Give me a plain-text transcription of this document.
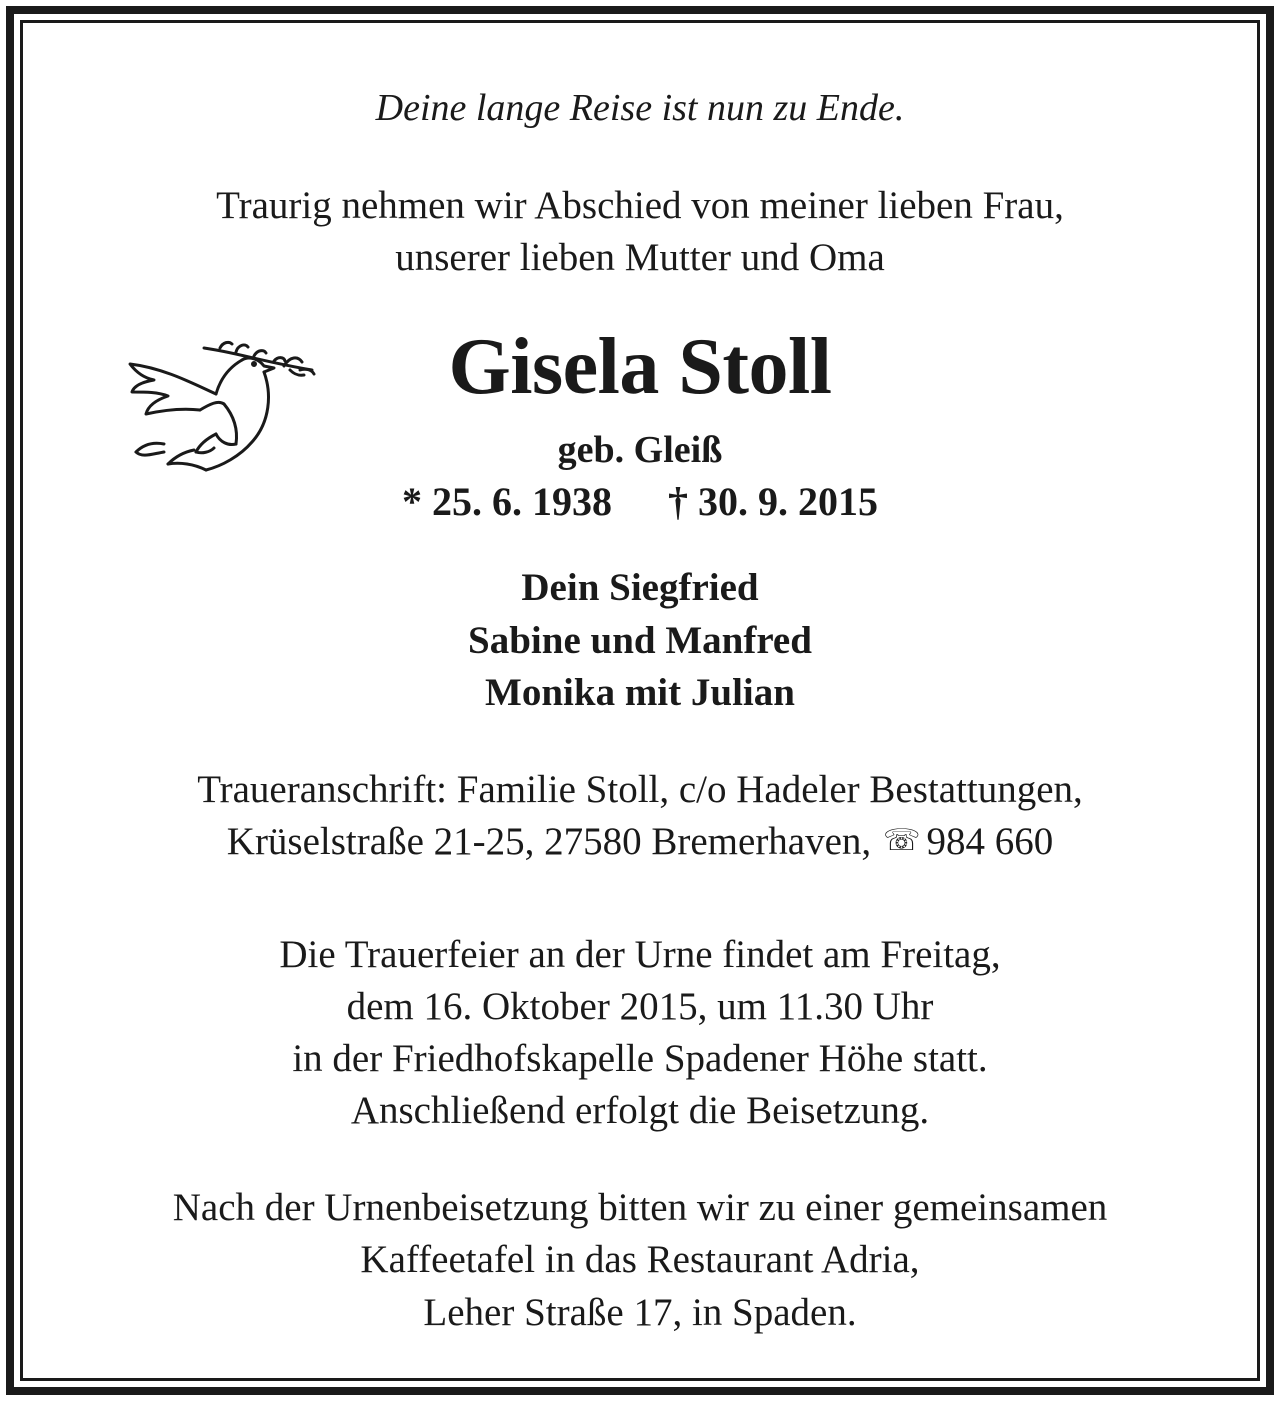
Deine lange Reise ist nun zu Ende.
Traurig nehmen wir Abschied von meiner lieben Frau,
unserer lieben Mutter und Oma
Gisela Stoll
geb. Gleiß
* 25. 6. 1938 † 30. 9. 2015
Dein Siegfried
Sabine und Manfred
Monika mit Julian
Traueranschrift: Familie Stoll, c/o Hadeler Bestattungen,
Krüselstraße 21-25, 27580 Bremerhaven, ☏ 984 660
Die Trauerfeier an der Urne findet am Freitag,
dem 16. Oktober 2015, um 11.30 Uhr
in der Friedhofskapelle Spadener Höhe statt.
Anschließend erfolgt die Beisetzung.
Nach der Urnenbeisetzung bitten wir zu einer gemeinsamen
Kaffeetafel in das Restaurant Adria,
Leher Straße 17, in Spaden.
